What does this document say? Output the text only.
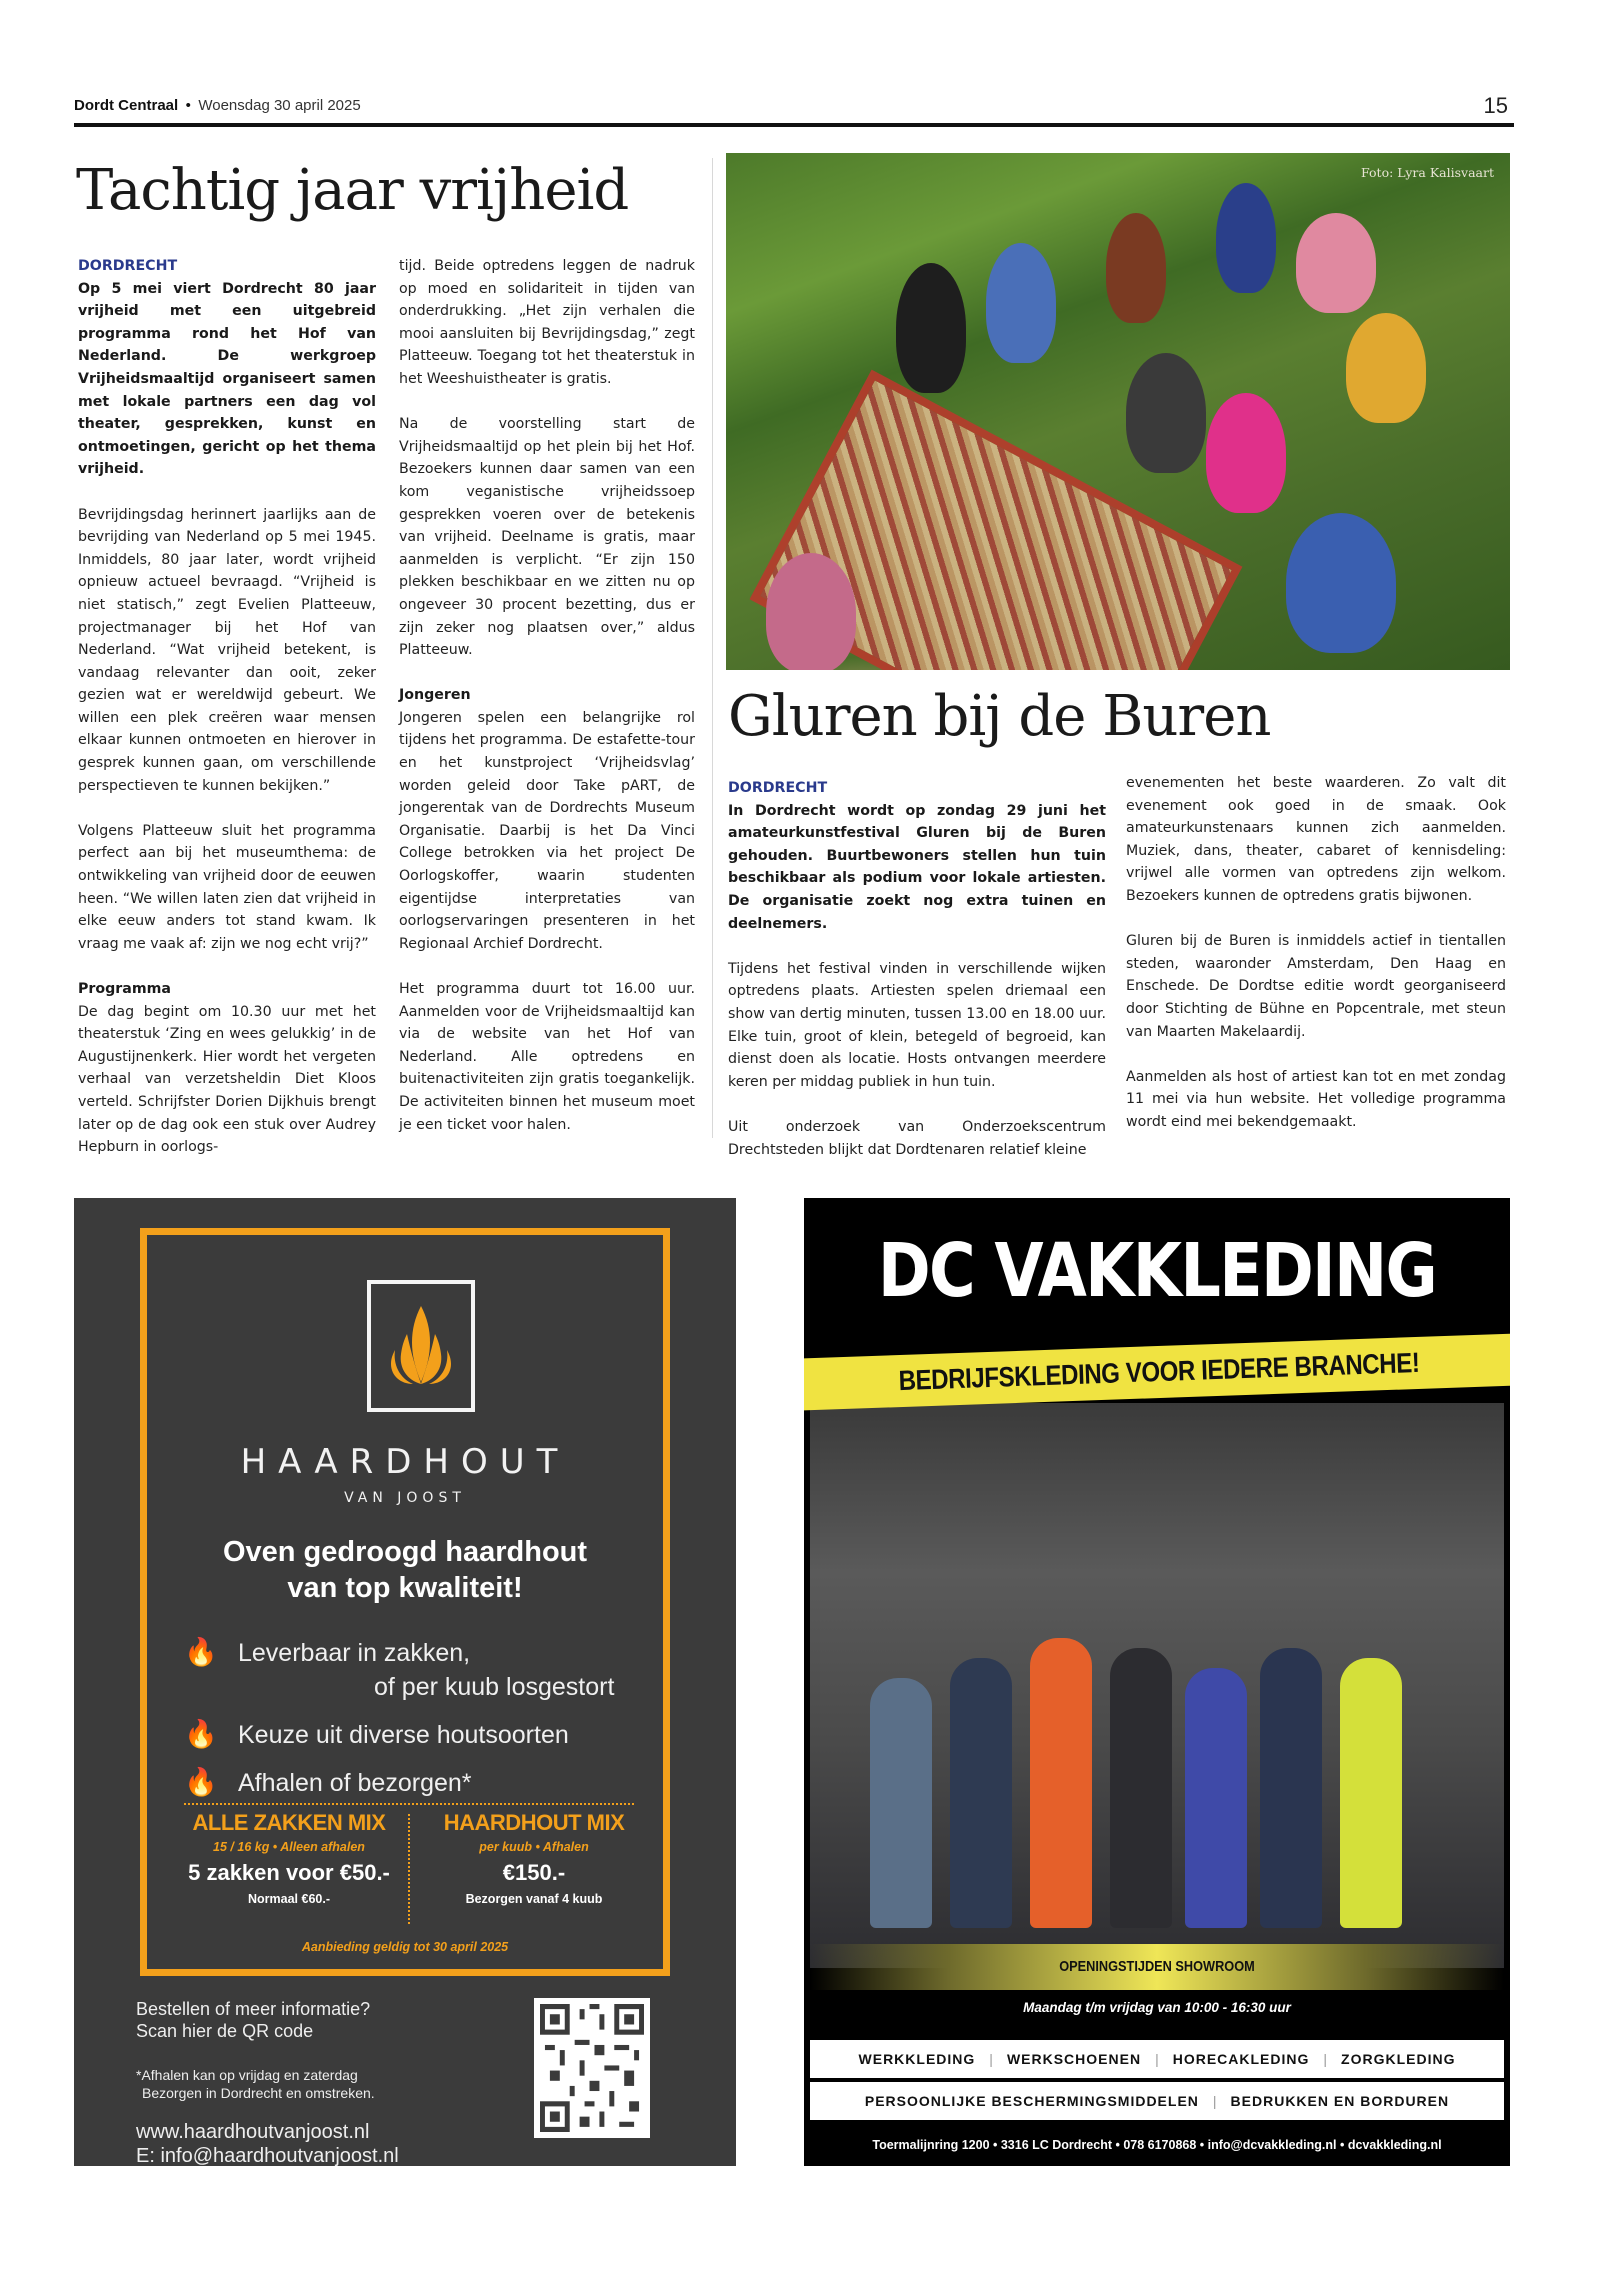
Dordt Centraal • Woensdag 30 april 2025	15
Tachtig jaar vrijheid

DORDRECHT
Op 5 mei viert Dordrecht 80 jaar vrijheid met een uitgebreid programma rond het Hof van Nederland. De werkgroep Vrijheidsmaaltijd organiseert samen met lokale partners een dag vol theater, gesprekken, kunst en ontmoetingen, gericht op het thema vrijheid.

Bevrijdingsdag herinnert jaarlijks aan de bevrijding van Nederland op 5 mei 1945. Inmiddels, 80 jaar later, wordt vrijheid opnieuw actueel bevraagd. “Vrijheid is niet statisch,” zegt Evelien Platteeuw, projectmanager bij het Hof van Nederland. “Wat vrijheid betekent, is vandaag relevanter dan ooit, zeker gezien wat er wereldwijd gebeurt. We willen een plek creëren waar mensen elkaar kunnen ontmoeten en hierover in gesprek kunnen gaan, om verschillende perspectieven te kunnen bekijken.”

Volgens Platteeuw sluit het programma perfect aan bij het museumthema: de ontwikkeling van vrijheid door de eeuwen heen. “We willen laten zien dat vrijheid in elke eeuw anders tot stand kwam. Ik vraag me vaak af: zijn we nog echt vrij?”

Programma
De dag begint om 10.30 uur met het theaterstuk ‘Zing en wees gelukkig’ in de Augustijnenkerk. Hier wordt het vergeten verhaal van verzetsheldin Diet Kloos verteld. Schrijfster Dorien Dijkhuis brengt later op de dag ook een stuk over Audrey Hepburn in oorlogs-

tijd. Beide optredens leggen de nadruk op moed en solidariteit in tijden van onderdrukking. „Het zijn verhalen die mooi aansluiten bij Bevrijdingsdag,” zegt Platteeuw. Toegang tot het theaterstuk in het Weeshuistheater is gratis.

Na de voorstelling start de Vrijheidsmaaltijd op het plein bij het Hof. Bezoekers kunnen daar samen van een kom veganistische vrijheidssoep gesprekken voeren over de betekenis van vrijheid. Deelname is gratis, maar aanmelden is verplicht. “Er zijn 150 plekken beschikbaar en we zitten nu op ongeveer 30 procent bezetting, dus er zijn zeker nog plaatsen over,” aldus Platteeuw.

Jongeren
Jongeren spelen een belangrijke rol tijdens het programma. De estafette-tour en het kunstproject ‘Vrijheidsvlag’ worden geleid door Take pART, de jongerentak van de Dordrechts Museum Organisatie. Daarbij is het Da Vinci College betrokken via het project De Oorlogskoffer, waarin studenten eigentijdse interpretaties van oorlogservaringen presenteren in het Regionaal Archief Dordrecht.

Het programma duurt tot 16.00 uur. Aanmelden voor de Vrijheidsmaaltijd kan via de website van het Hof van Nederland. Alle optredens en buitenactiviteiten zijn gratis toegankelijk. De activiteiten binnen het museum moet je een ticket voor halen.

Foto: Lyra Kalisvaart
Gluren bij de Buren

DORDRECHT
In Dordrecht wordt op zondag 29 juni het amateurkunstfestival Gluren bij de Buren gehouden. Buurtbewoners stellen hun tuin beschikbaar als podium voor lokale artiesten. De organisatie zoekt nog extra tuinen en deelnemers.

Tijdens het festival vinden in verschillende wijken optredens plaats. Artiesten spelen driemaal een show van dertig minuten, tussen 13.00 en 18.00 uur. Elke tuin, groot of klein, betegeld of begroeid, kan dienst doen als locatie. Hosts ontvangen meerdere keren per middag publiek in hun tuin.

Uit onderzoek van Onderzoekscentrum Drechtsteden blijkt dat Dordtenaren relatief kleine

evenementen het beste waarderen. Zo valt dit evenement ook goed in de smaak. Ook amateurkunstenaars kunnen zich aanmelden. Muziek, dans, theater, cabaret of kennisdeling: vrijwel alle vormen van optredens zijn welkom. Bezoekers kunnen de optredens gratis bijwonen.

Gluren bij de Buren is inmiddels actief in tientallen steden, waaronder Amsterdam, Den Haag en Enschede. De Dordtse editie wordt georganiseerd door Stichting de Bühne en Popcentrale, met steun van Maarten Makelaardij.

Aanmelden als host of artiest kan tot en met zondag 11 mei via hun website. Het volledige programma wordt eind mei bekendgemaakt.

HAARDHOUT
VAN JOOST
Oven gedroogd haardhout
van top kwaliteit!
🔥 Leverbaar in zakken,
of per kuub losgestort
🔥 Keuze uit diverse houtsoorten
🔥 Afhalen of bezorgen*
ALLE ZAKKEN MIX
15 / 16 kg • Alleen afhalen
5 zakken voor €50.-
Normaal €60.-
HAARDHOUT MIX
per kuub • Afhalen
€150.-
Bezorgen vanaf 4 kuub
Aanbieding geldig tot 30 april 2025
Bestellen of meer informatie?
Scan hier de QR code
*Afhalen kan op vrijdag en zaterdag
Bezorgen in Dordrecht en omstreken.
www.haardhoutvanjoost.nl
E: info@haardhoutvanjoost.nl
DC VAKKLEDING
BEDRIJFSKLEDING VOOR IEDERE BRANCHE!
OPENINGSTIJDEN SHOWROOM
Maandag t/m vrijdag van 10:00 - 16:30 uur
WERKKLEDING | WERKSCHOENEN | HORECAKLEDING | ZORGKLEDING
PERSOONLIJKE BESCHERMINGSMIDDELEN | BEDRUKKEN EN BORDUREN
Toermalijnring 1200 • 3316 LC Dordrecht • 078 6170868 • info@dcvakkleding.nl • dcvakkleding.nl
